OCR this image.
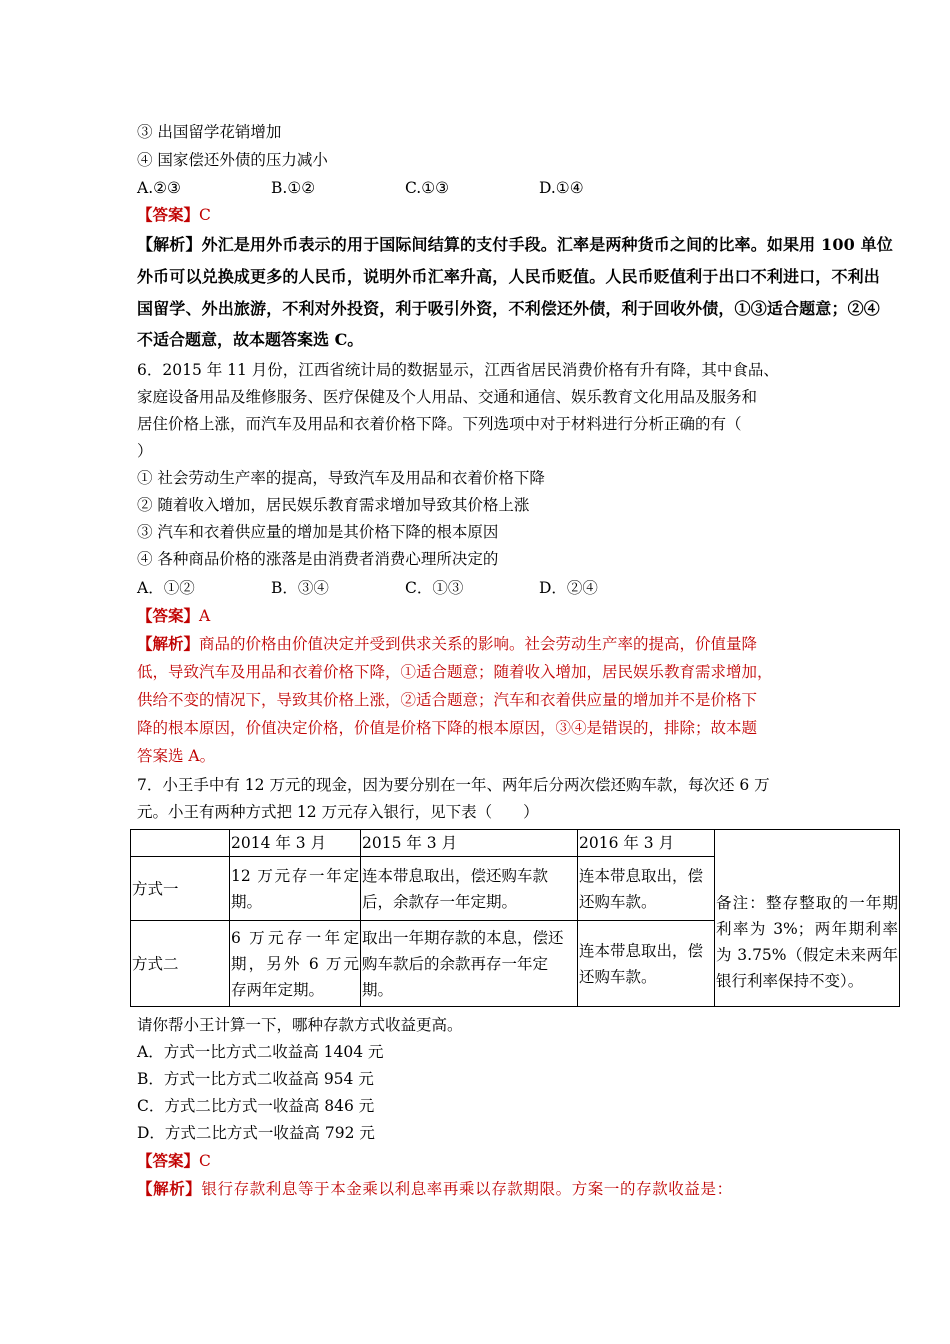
③ 出国留学花销增加
④ 国家偿还外债的压力减小
A.②③	B.①②	C.①③	D.①④
【答案】C
【解析】外汇是用外币表示的用于国际间结算的支付手段。汇率是两种货币之间的比率。如果用 100 单位
外币可以兑换成更多的人民币，说明外币汇率升高，人民币贬值。人民币贬值利于出口不利进口，不利出
国留学、外出旅游，不利对外投资，利于吸引外资，不利偿还外债，利于回收外债，①③适合题意；②④
不适合题意，故本题答案选 C。
6．2015 年 11 月份，江西省统计局的数据显示，江西省居民消费价格有升有降，其中食品、
家庭设备用品及维修服务、医疗保健及个人用品、交通和通信、娱乐教育文化用品及服务和
居住价格上涨，而汽车及用品和衣着价格下降。下列选项中对于材料进行分析正确的有（
）
① 社会劳动生产率的提高，导致汽车及用品和衣着价格下降
② 随着收入增加，居民娱乐教育需求增加导致其价格上涨
③ 汽车和衣着供应量的增加是其价格下降的根本原因
④ 各种商品价格的涨落是由消费者消费心理所决定的
A．①②	B．③④	C．①③	D．②④
【答案】A
【解析】商品的价格由价值决定并受到供求关系的影响。社会劳动生产率的提高，价值量降
低，导致汽车及用品和衣着价格下降，①适合题意；随着收入增加，居民娱乐教育需求增加，
供给不变的情况下，导致其价格上涨，②适合题意；汽车和衣着供应量的增加并不是价格下
降的根本原因，价值决定价格，价值是价格下降的根本原因，③④是错误的，排除；故本题
答案选 A。
7．小王手中有 12 万元的现金，因为要分别在一年、两年后分两次偿还购车款，每次还 6 万
元。小王有两种方式把 12 万元存入银行，见下表（　　）
	2014 年 3 月	2015 年 3 月	2016 年 3 月	备注：整存整取的一年期利率为 3%；两年期利率为 3.75%（假定未来两年银行利率保持不变）。
方式一	12 万元存一年定期。	连本带息取出，偿还购车款后，余款存一年定期。	连本带息取出，偿还购车款。	
方式二	6 万元存一年定期，另外 6 万元存两年定期。	取出一年期存款的本息，偿还购车款后的余款再存一年定期。	连本带息取出，偿还购车款。	
请你帮小王计算一下，哪种存款方式收益更高。
A．方式一比方式二收益高 1404 元
B．方式一比方式二收益高 954 元
C．方式二比方式一收益高 846 元
D．方式二比方式一收益高 792 元
【答案】C
【解析】银行存款利息等于本金乘以利息率再乘以存款期限。方案一的存款收益是：
